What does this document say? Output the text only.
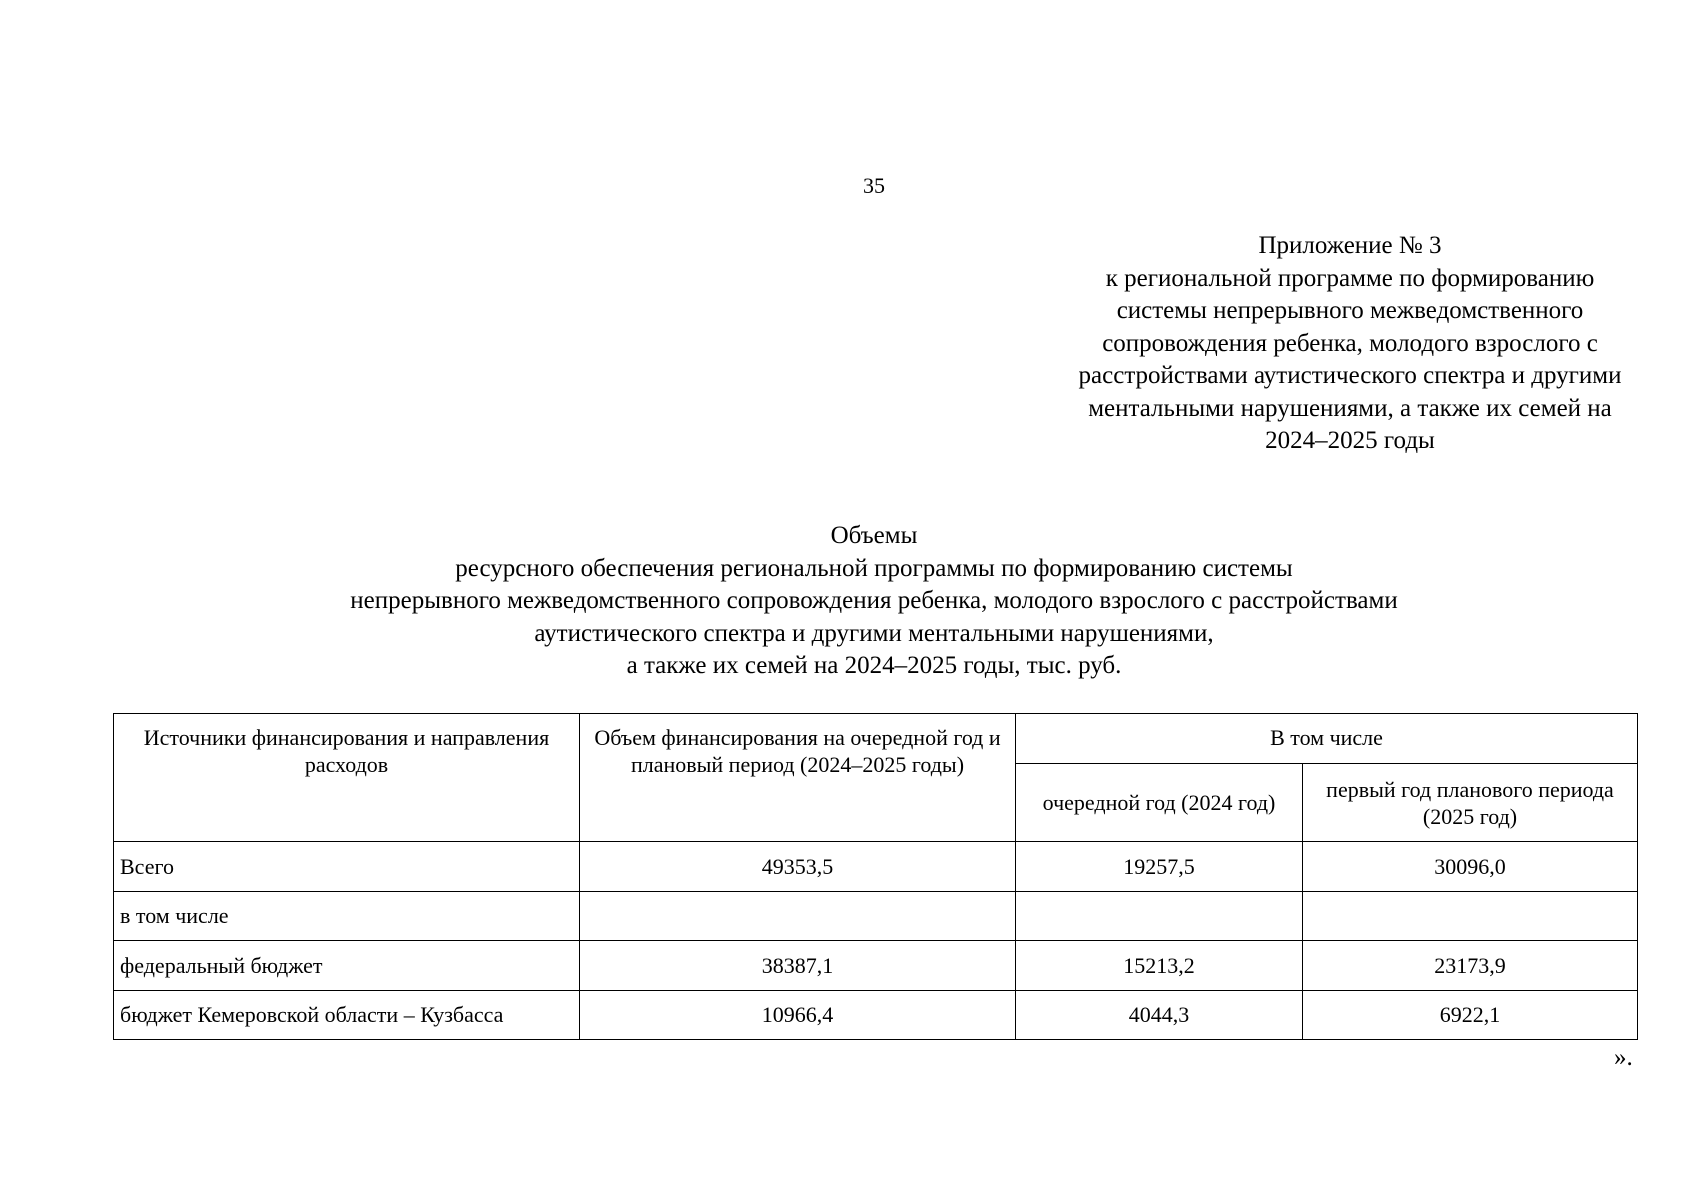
35
Приложение № 3
к региональной программе по формированию
системы непрерывного межведомственного
сопровождения ребенка, молодого взрослого с
расстройствами аутистического спектра и другими
ментальными нарушениями, а также их семей на
2024–2025 годы
Объемы
ресурсного обеспечения региональной программы по формированию системы
непрерывного межведомственного сопровождения ребенка, молодого взрослого с расстройствами
аутистического спектра и другими ментальными нарушениями,
а также их семей на 2024–2025 годы, тыс. руб.
Источники финансирования и направления расходов	Объем финансирования на очередной год и плановый период (2024–2025 годы)	В том числе	
		очередной год (2024 год)	первый год планового периода (2025 год)
Всего	49353,5	19257,5	30096,0
в том числе			
федеральный бюджет	38387,1	15213,2	23173,9
бюджет Кемеровской области – Кузбасса	10966,4	4044,3	6922,1
».
